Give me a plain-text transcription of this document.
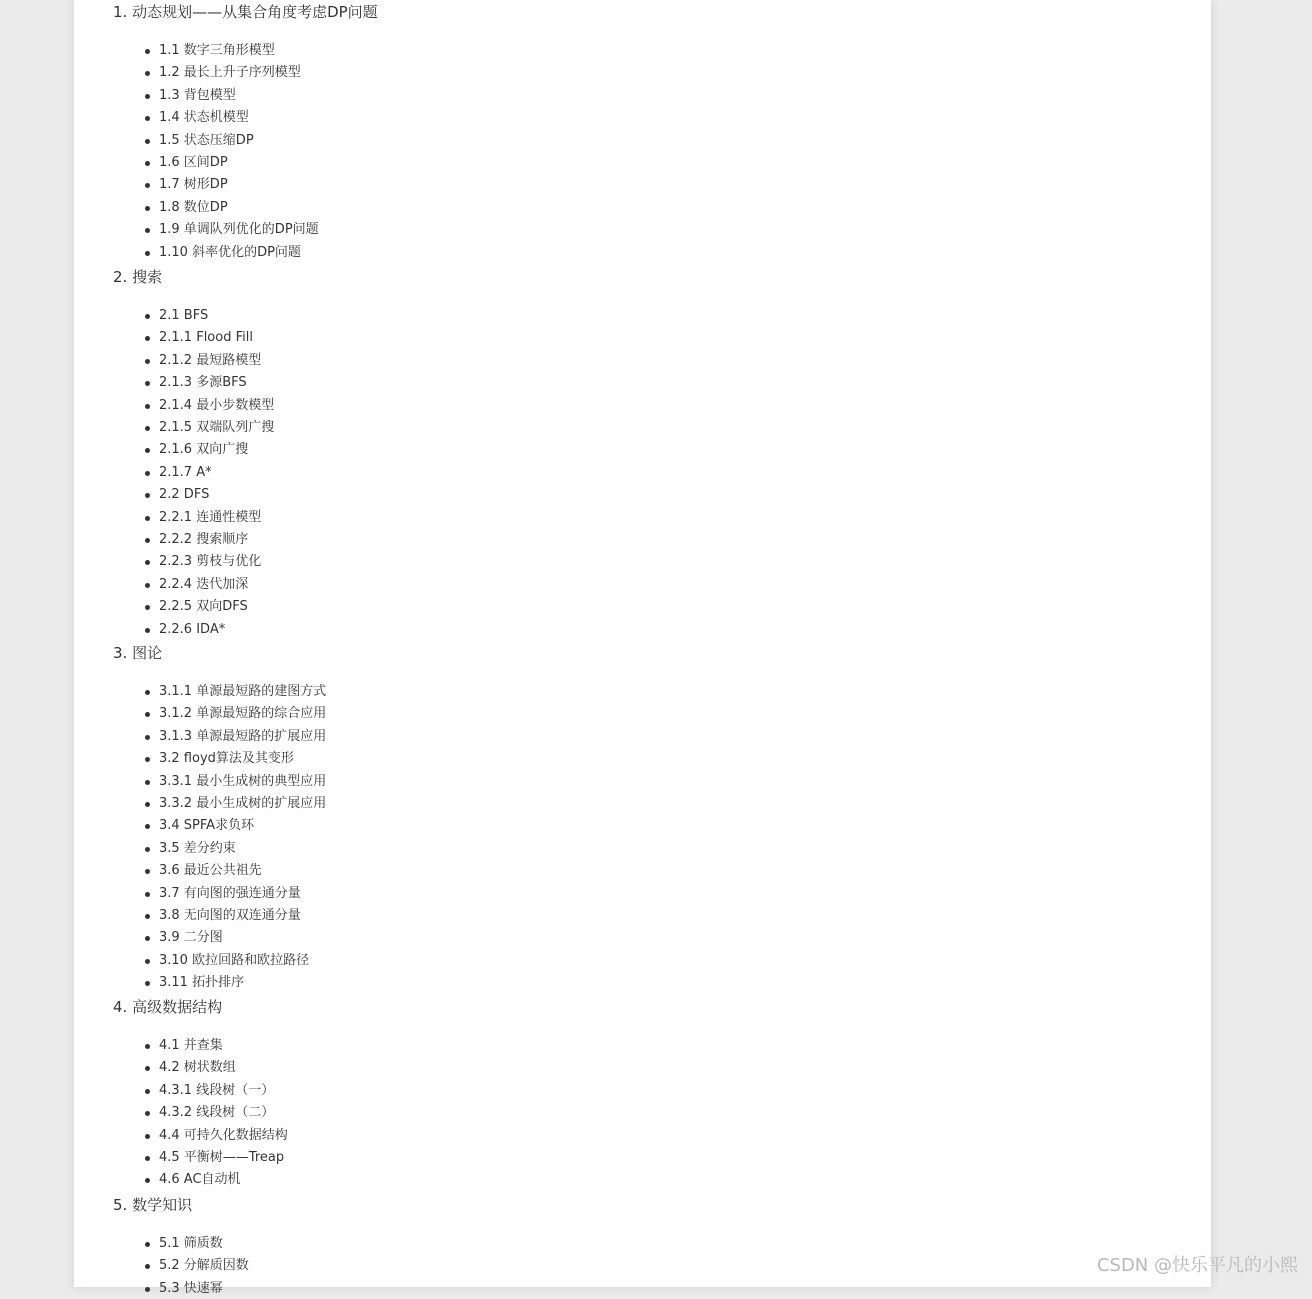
1. 动态规划——从集合角度考虑DP问题
1.1 数字三角形模型
1.2 最长上升子序列模型
1.3 背包模型
1.4 状态机模型
1.5 状态压缩DP
1.6 区间DP
1.7 树形DP
1.8 数位DP
1.9 单调队列优化的DP问题
1.10 斜率优化的DP问题
2. 搜索
2.1 BFS
2.1.1 Flood Fill
2.1.2 最短路模型
2.1.3 多源BFS
2.1.4 最小步数模型
2.1.5 双端队列广搜
2.1.6 双向广搜
2.1.7 A*
2.2 DFS
2.2.1 连通性模型
2.2.2 搜索顺序
2.2.3 剪枝与优化
2.2.4 迭代加深
2.2.5 双向DFS
2.2.6 IDA*
3. 图论
3.1.1 单源最短路的建图方式
3.1.2 单源最短路的综合应用
3.1.3 单源最短路的扩展应用
3.2 floyd算法及其变形
3.3.1 最小生成树的典型应用
3.3.2 最小生成树的扩展应用
3.4 SPFA求负环
3.5 差分约束
3.6 最近公共祖先
3.7 有向图的强连通分量
3.8 无向图的双连通分量
3.9 二分图
3.10 欧拉回路和欧拉路径
3.11 拓扑排序
4. 高级数据结构
4.1 并查集
4.2 树状数组
4.3.1 线段树（一）
4.3.2 线段树（二）
4.4 可持久化数据结构
4.5 平衡树——Treap
4.6 AC自动机
5. 数学知识
5.1 筛质数
5.2 分解质因数
5.3 快速幂
CSDN @快乐平凡的小熙
